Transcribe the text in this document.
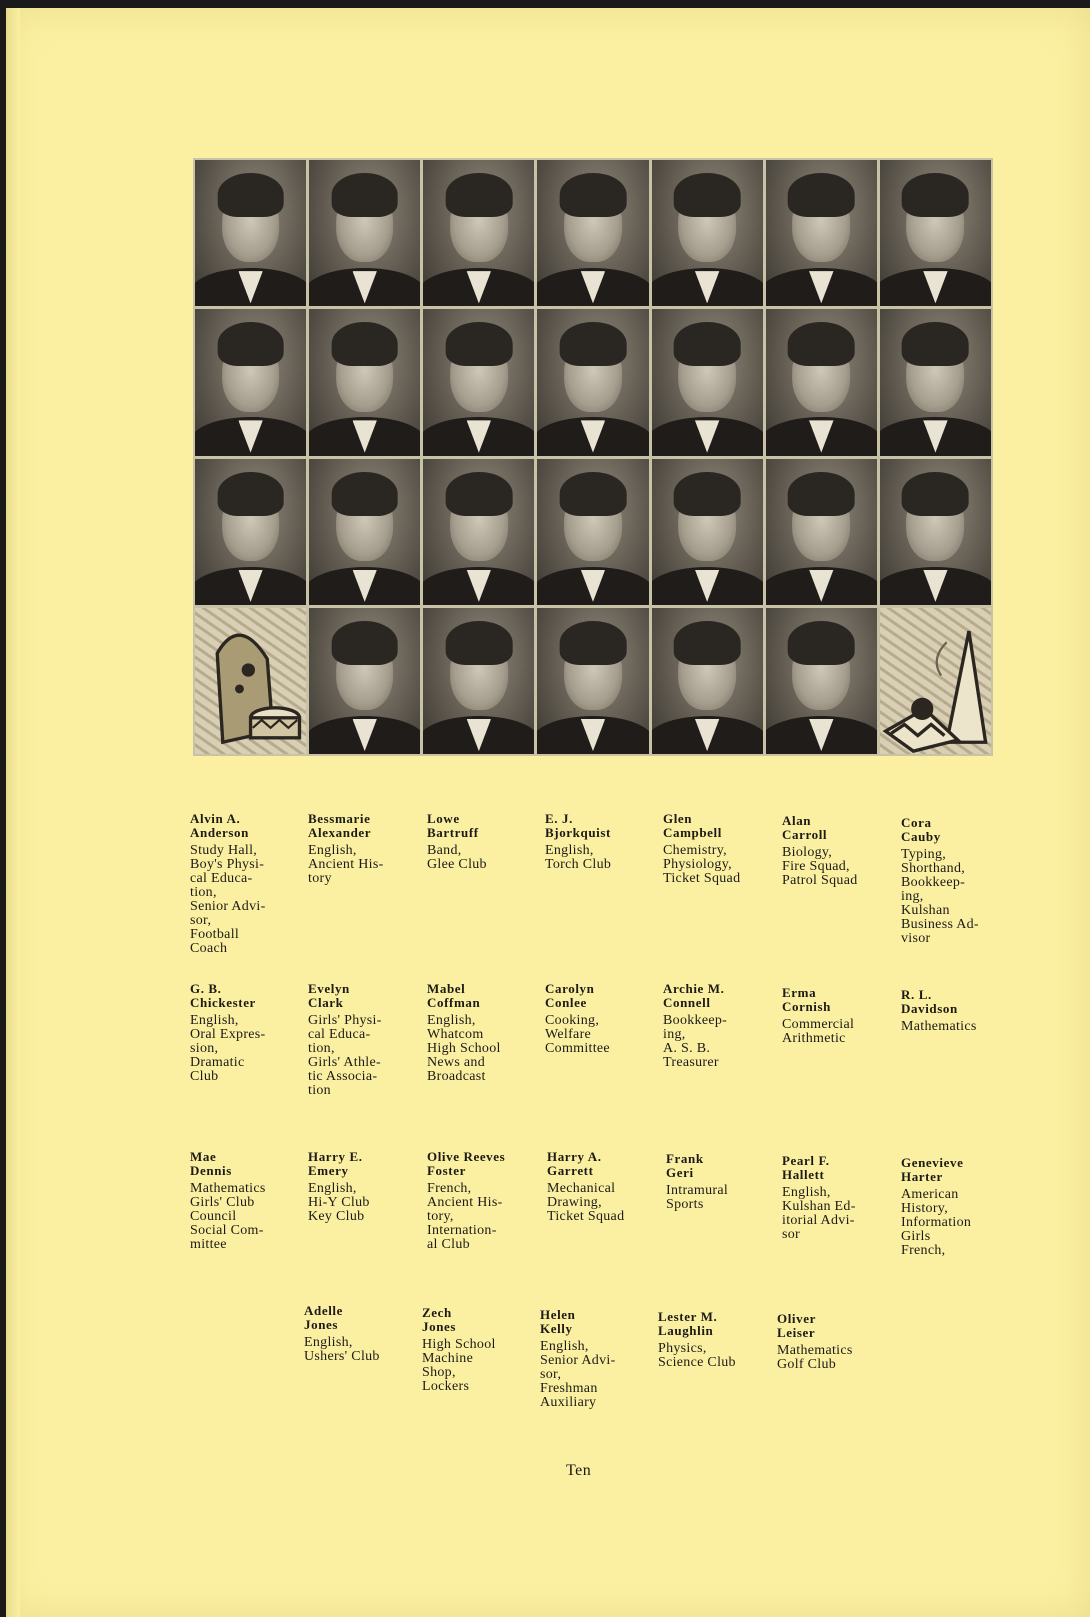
Alvin A.
Anderson
Study Hall,
Boy's Physi-
cal Educa-
tion,
Senior Advi-
sor,
Football
Coach
Bessmarie
Alexander
English,
Ancient His-
tory
Lowe
Bartruff
Band,
Glee Club
E. J.
Bjorkquist
English,
Torch Club
Glen
Campbell
Chemistry,
Physiology,
Ticket Squad
Alan
Carroll
Biology,
Fire Squad,
Patrol Squad
Cora
Cauby
Typing,
Shorthand,
Bookkeep-
ing,
Kulshan
Business Ad-
visor
G. B.
Chickester
English,
Oral Expres-
sion,
Dramatic
Club
Evelyn
Clark
Girls' Physi-
cal Educa-
tion,
Girls' Athle-
tic Associa-
tion
Mabel
Coffman
English,
Whatcom
High School
News and
Broadcast
Carolyn
Conlee
Cooking,
Welfare
Committee
Archie M.
Connell
Bookkeep-
ing,
A. S. B.
Treasurer
Erma
Cornish
Commercial
Arithmetic
R. L.
Davidson
Mathematics
Mae
Dennis
Mathematics
Girls' Club
Council
Social Com-
mittee
Harry E.
Emery
English,
Hi-Y Club
Key Club
Olive Reeves
Foster
French,
Ancient His-
tory,
Internation-
al Club
Harry A.
Garrett
Mechanical
Drawing,
Ticket Squad
Frank
Geri
Intramural
Sports
Pearl F.
Hallett
English,
Kulshan Ed-
itorial Advi-
sor
Genevieve
Harter
American
History,
Information
Girls
French,
Adelle
Jones
English,
Ushers' Club
Zech
Jones
High School
Machine
Shop,
Lockers
Helen
Kelly
English,
Senior Advi-
sor,
Freshman
Auxiliary
Lester M.
Laughlin
Physics,
Science Club
Oliver
Leiser
Mathematics
Golf Club
Ten
